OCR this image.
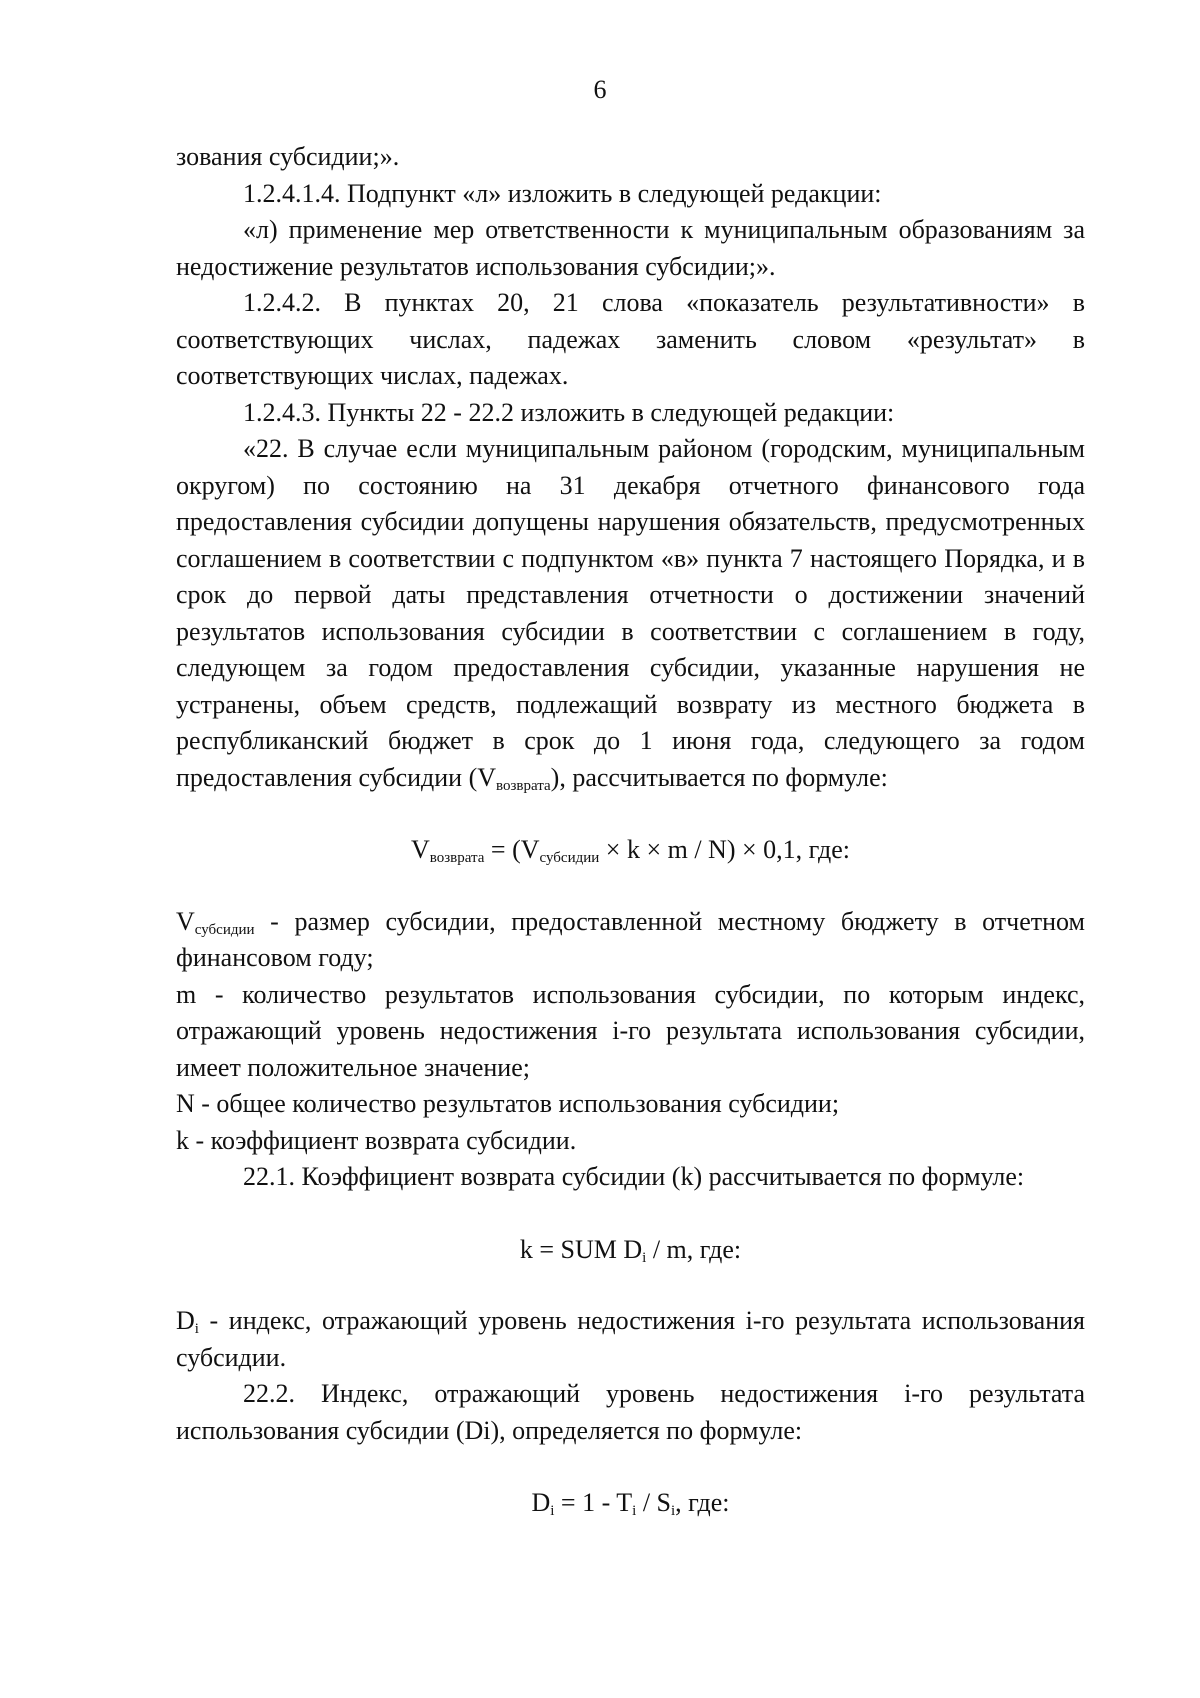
6

зования субсидии;».

1.2.4.1.4. Подпункт «л» изложить в следующей редакции:

«л) применение мер ответственности к муниципальным образованиям за недостижение результатов использования субсидии;».

1.2.4.2. В пунктах 20, 21 слова «показатель результативности» в соответствующих числах, падежах заменить словом «результат» в соответствующих числах, падежах.

1.2.4.3. Пункты 22 - 22.2 изложить в следующей редакции:

«22. В случае если муниципальным районом (городским, муниципальным округом) по состоянию на 31 декабря отчетного финансового года предоставления субсидии допущены нарушения обязательств, предусмотренных соглашением в соответствии с подпунктом «в» пункта 7 настоящего Порядка, и в срок до первой даты представления отчетности о достижении значений результатов использования субсидии в соответствии с соглашением в году, следующем за годом предоставления субсидии, указанные нарушения не устранены, объем средств, подлежащий возврату из местного бюджета в республиканский бюджет в срок до 1 июня года, следующего за годом предоставления субсидии $(V_{возврата})$, рассчитывается по формуле:

$V_{возврата} = (V_{субсидии} \times k \times m / N) \times 0,1$, где:

$V_{субсидии}$ - размер субсидии, предоставленной местному бюджету в отчетном финансовом году;

m - количество результатов использования субсидии, по которым индекс, отражающий уровень недостижения i-го результата использования субсидии, имеет положительное значение;

N - общее количество результатов использования субсидии;

k - коэффициент возврата субсидии.

22.1. Коэффициент возврата субсидии (k) рассчитывается по формуле:

k = SUM $D_i$ / m, где:

$D_i$ - индекс, отражающий уровень недостижения i-го результата использования субсидии.

22.2. Индекс, отражающий уровень недостижения i-го результата использования субсидии (Di), определяется по формуле:

$D_i = 1 - T_i / S_i$, где:
